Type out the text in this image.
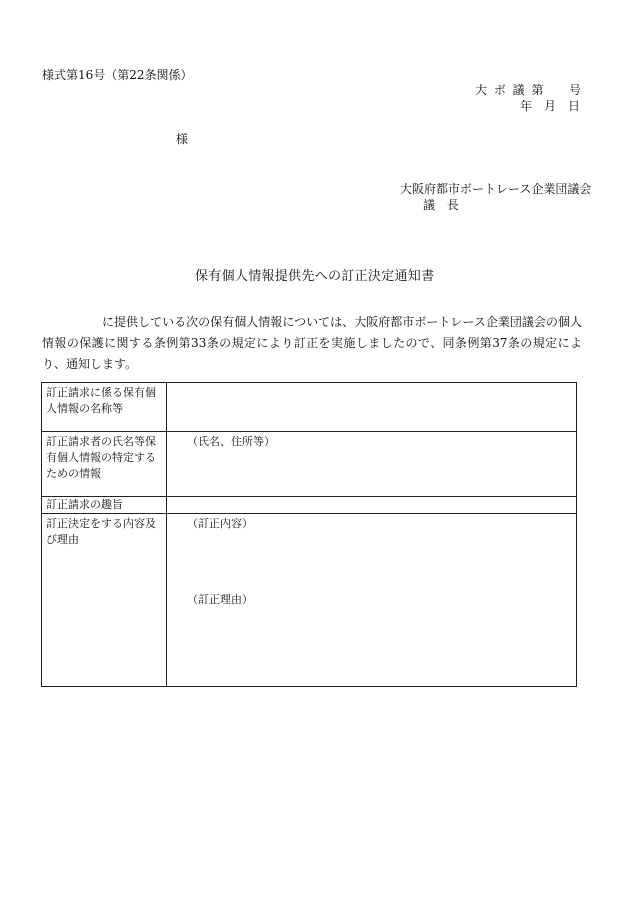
様式第16号（第22条関係）
大 ボ 議 第　　号
年　月　日
様
大阪府都市ボートレース企業団議会
議 長
保有個人情報提供先への訂正決定通知書
に提供している次の保有個人情報については、大阪府都市ボートレース企業団議会の個人情報の保護に関する条例第33条の規定により訂正を実施しましたので、同条例第37条の規定により、通知します。
訂正請求に係る保有個人情報の名称等	
訂正請求者の氏名等保有個人情報の特定するための情報	（氏名、住所等）

訂正請求の趣旨	
訂正決定をする内容及び理由	（訂正内容）
（訂正理由）
